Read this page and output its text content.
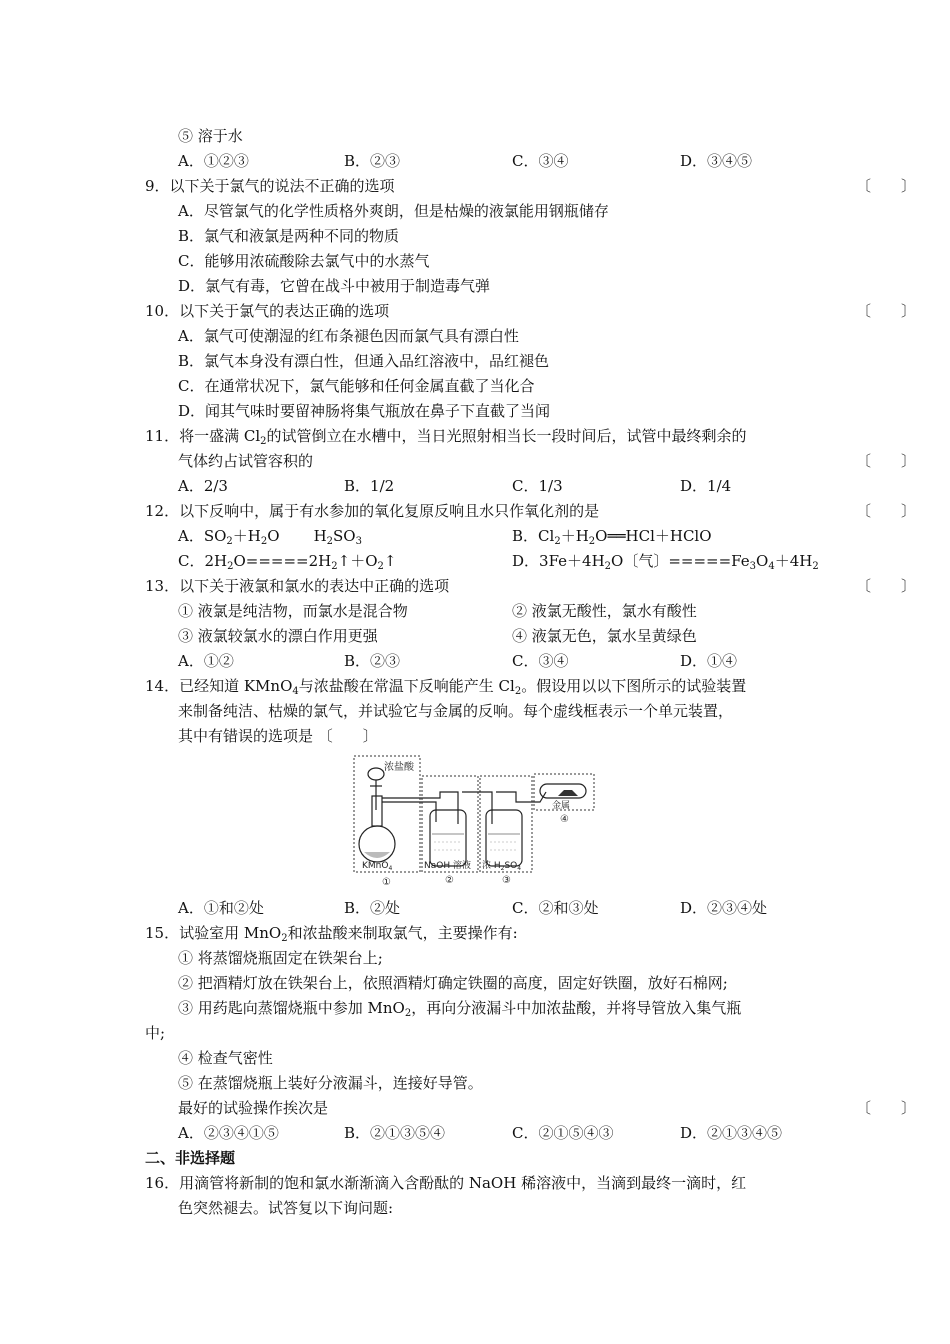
⑤ 溶于水
A．①②③	B．②③	C．③④	D．③④⑤
9．以下关于氯气的说法不正确的选项	〔　　〕
A．尽管氯气的化学性质格外爽朗，但是枯燥的液氯能用钢瓶储存
B．氯气和液氯是两种不同的物质
C．能够用浓硫酸除去氯气中的水蒸气
D．氯气有毒，它曾在战斗中被用于制造毒气弹
10．以下关于氯气的表达正确的选项	〔　　〕
A．氯气可使潮湿的红布条褪色因而氯气具有漂白性
B．氯气本身没有漂白性，但通入品红溶液中，品红褪色
C．在通常状况下，氯气能够和任何金属直截了当化合
D．闻其气味时要留神肠将集气瓶放在鼻子下直截了当闻
11．将一盛满 $Cl_2$的试管倒立在水槽中，当日光照射相当长一段时间后，试管中最终剩余的
气体约占试管容积的	〔　　〕
A．2/3	B．1/2	C．1/3	D．1/4
12．以下反响中，属于有水参加的氧化复原反响且水只作氧化剂的是	〔　　〕
A．$SO_2+H_2O$ $H_2SO_3$	B．$Cl_2+H_2O══HCl+HClO$
C．$2H_2O=====2H_2↑+O_2↑$	D．$3Fe+4H_2O$〔气〕$=====Fe_3O_4+4H_2$
13．以下关于液氯和氯水的表达中正确的选项	〔　　〕
① 液氯是纯洁物，而氯水是混合物	② 液氯无酸性，氯水有酸性
③ 液氯较氯水的漂白作用更强	④ 液氯无色，氯水呈黄绿色
A．①②	B．②③	C．③④	D．①④
14．已经知道 KMnO$_4$与浓盐酸在常温下反响能产生 $Cl_2$。假设用以以下图所示的试验装置
来制备纯洁、枯燥的氯气，并试验它与金属的反响。每个虚线框表示一个单元装置，
其中有错误的选项是 〔　　〕
浓盐酸
KMnO$_4$	NaOH 溶液 浓 $H_2SO_4$
金属
①	②	③
④
A．①和②处	B．②处	C．②和③处	D．②③④处
15．试验室用 MnO$_2$和浓盐酸来制取氯气，主要操作有:
① 将蒸馏烧瓶固定在铁架台上;
② 把酒精灯放在铁架台上，依照酒精灯确定铁圈的高度，固定好铁圈，放好石棉网;
③ 用药匙向蒸馏烧瓶中参加 MnO$_2$，再向分液漏斗中加浓盐酸，并将导管放入集气瓶
中;
④ 检查气密性
⑤ 在蒸馏烧瓶上装好分液漏斗，连接好导管。
最好的试验操作挨次是	〔　　〕
A．②③④①⑤	B．②①③⑤④	C．②①⑤④③	D．②①③④⑤
二、非选择题
16．用滴管将新制的饱和氯水渐渐滴入含酚酞的 NaOH 稀溶液中，当滴到最终一滴时，红
色突然褪去。试答复以下询问题:
